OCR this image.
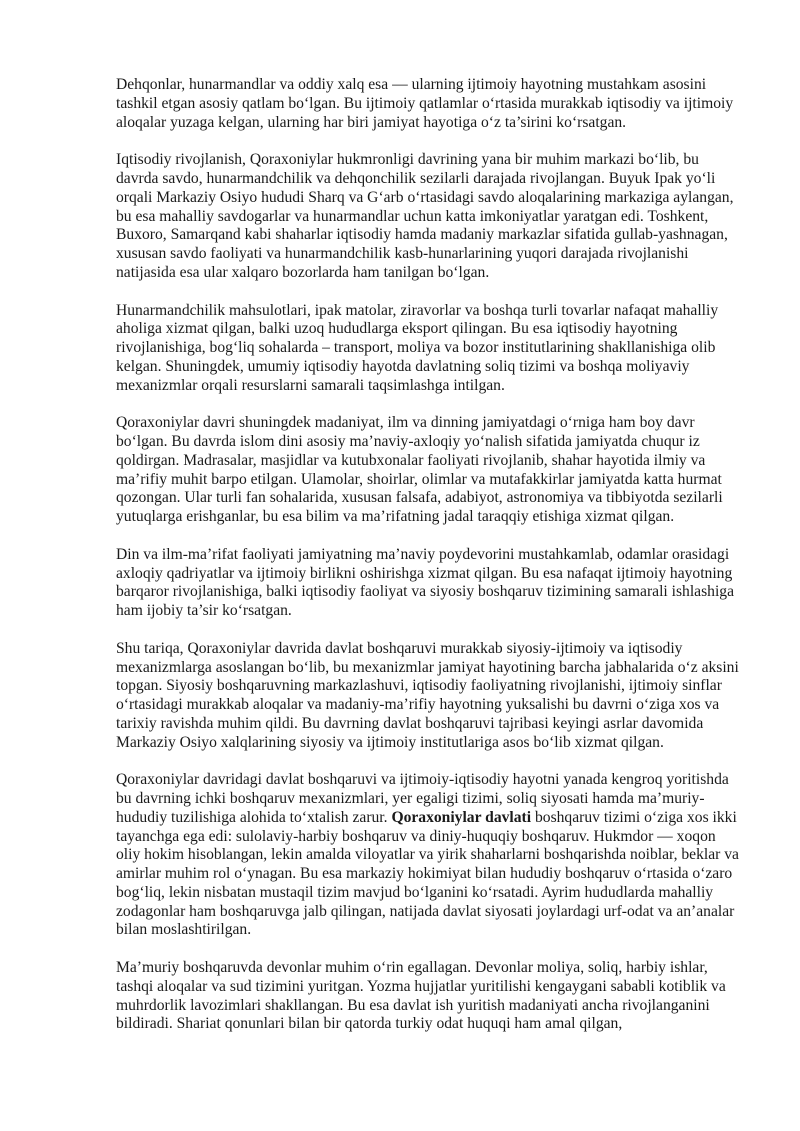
Dehqonlar, hunarmandlar va oddiy xalq esa — ularning ijtimoiy hayotning mustahkam asosini tashkil etgan asosiy qatlam bo‘lgan. Bu ijtimoiy qatlamlar o‘rtasida murakkab iqtisodiy va ijtimoiy aloqalar yuzaga kelgan, ularning har biri jamiyat hayotiga o‘z ta’sirini ko‘rsatgan.

Iqtisodiy rivojlanish, Qoraxoniylar hukmronligi davrining yana bir muhim markazi bo‘lib, bu davrda savdo, hunarmandchilik va dehqonchilik sezilarli darajada rivojlangan. Buyuk Ipak yo‘li orqali Markaziy Osiyo hududi Sharq va G‘arb o‘rtasidagi savdo aloqalarining markaziga aylangan, bu esa mahalliy savdogarlar va hunarmandlar uchun katta imkoniyatlar yaratgan edi. Toshkent, Buxoro, Samarqand kabi shaharlar iqtisodiy hamda madaniy markazlar sifatida gullab-yashnagan, xususan savdo faoliyati va hunarmandchilik kasb-hunarlarining yuqori darajada rivojlanishi natijasida esa ular xalqaro bozorlarda ham tanilgan bo‘lgan.

Hunarmandchilik mahsulotlari, ipak matolar, ziravorlar va boshqa turli tovarlar nafaqat mahalliy aholiga xizmat qilgan, balki uzoq hududlarga eksport qilingan. Bu esa iqtisodiy hayotning rivojlanishiga, bog‘liq sohalarda – transport, moliya va bozor institutlarining shakllanishiga olib kelgan. Shuningdek, umumiy iqtisodiy hayotda davlatning soliq tizimi va boshqa moliyaviy mexanizmlar orqali resurslarni samarali taqsimlashga intilgan.

Qoraxoniylar davri shuningdek madaniyat, ilm va dinning jamiyatdagi o‘rniga ham boy davr bo‘lgan. Bu davrda islom dini asosiy ma’naviy-axloqiy yo‘nalish sifatida jamiyatda chuqur iz qoldirgan. Madrasalar, masjidlar va kutubxonalar faoliyati rivojlanib, shahar hayotida ilmiy va ma’rifiy muhit barpo etilgan. Ulamolar, shoirlar, olimlar va mutafakkirlar jamiyatda katta hurmat qozongan. Ular turli fan sohalarida, xususan falsafa, adabiyot, astronomiya va tibbiyotda sezilarli yutuqlarga erishganlar, bu esa bilim va ma’rifatning jadal taraqqiy etishiga xizmat qilgan.

Din va ilm-ma’rifat faoliyati jamiyatning ma’naviy poydevorini mustahkamlab, odamlar orasidagi axloqiy qadriyatlar va ijtimoiy birlikni oshirishga xizmat qilgan. Bu esa nafaqat ijtimoiy hayotning barqaror rivojlanishiga, balki iqtisodiy faoliyat va siyosiy boshqaruv tizimining samarali ishlashiga ham ijobiy ta’sir ko‘rsatgan.

Shu tariqa, Qoraxoniylar davrida davlat boshqaruvi murakkab siyosiy-ijtimoiy va iqtisodiy mexanizmlarga asoslangan bo‘lib, bu mexanizmlar jamiyat hayotining barcha jabhalarida o‘z aksini topgan. Siyosiy boshqaruvning markazlashuvi, iqtisodiy faoliyatning rivojlanishi, ijtimoiy sinflar o‘rtasidagi murakkab aloqalar va madaniy-ma’rifiy hayotning yuksalishi bu davrni o‘ziga xos va tarixiy ravishda muhim qildi. Bu davrning davlat boshqaruvi tajribasi keyingi asrlar davomida Markaziy Osiyo xalqlarining siyosiy va ijtimoiy institutlariga asos bo‘lib xizmat qilgan.

Qoraxoniylar davridagi davlat boshqaruvi va ijtimoiy-iqtisodiy hayotni yanada kengroq yoritishda bu davrning ichki boshqaruv mexanizmlari, yer egaligi tizimi, soliq siyosati hamda ma’muriy-hududiy tuzilishiga alohida to‘xtalish zarur. Qoraxoniylar davlati boshqaruv tizimi o‘ziga xos ikki tayanchga ega edi: sulolaviy-harbiy boshqaruv va diniy-huquqiy boshqaruv. Hukmdor — xoqon oliy hokim hisoblangan, lekin amalda viloyatlar va yirik shaharlarni boshqarishda noiblar, beklar va amirlar muhim rol o‘ynagan. Bu esa markaziy hokimiyat bilan hududiy boshqaruv o‘rtasida o‘zaro bog‘liq, lekin nisbatan mustaqil tizim mavjud bo‘lganini ko‘rsatadi. Ayrim hududlarda mahalliy zodagonlar ham boshqaruvga jalb qilingan, natijada davlat siyosati joylardagi urf-odat va an’analar bilan moslashtirilgan.

Ma’muriy boshqaruvda devonlar muhim o‘rin egallagan. Devonlar moliya, soliq, harbiy ishlar, tashqi aloqalar va sud tizimini yuritgan. Yozma hujjatlar yuritilishi kengaygani sababli kotiblik va muhrdorlik lavozimlari shakllangan. Bu esa davlat ish yuritish madaniyati ancha rivojlanganini bildiradi. Shariat qonunlari bilan bir qatorda turkiy odat huquqi ham amal qilgan,
